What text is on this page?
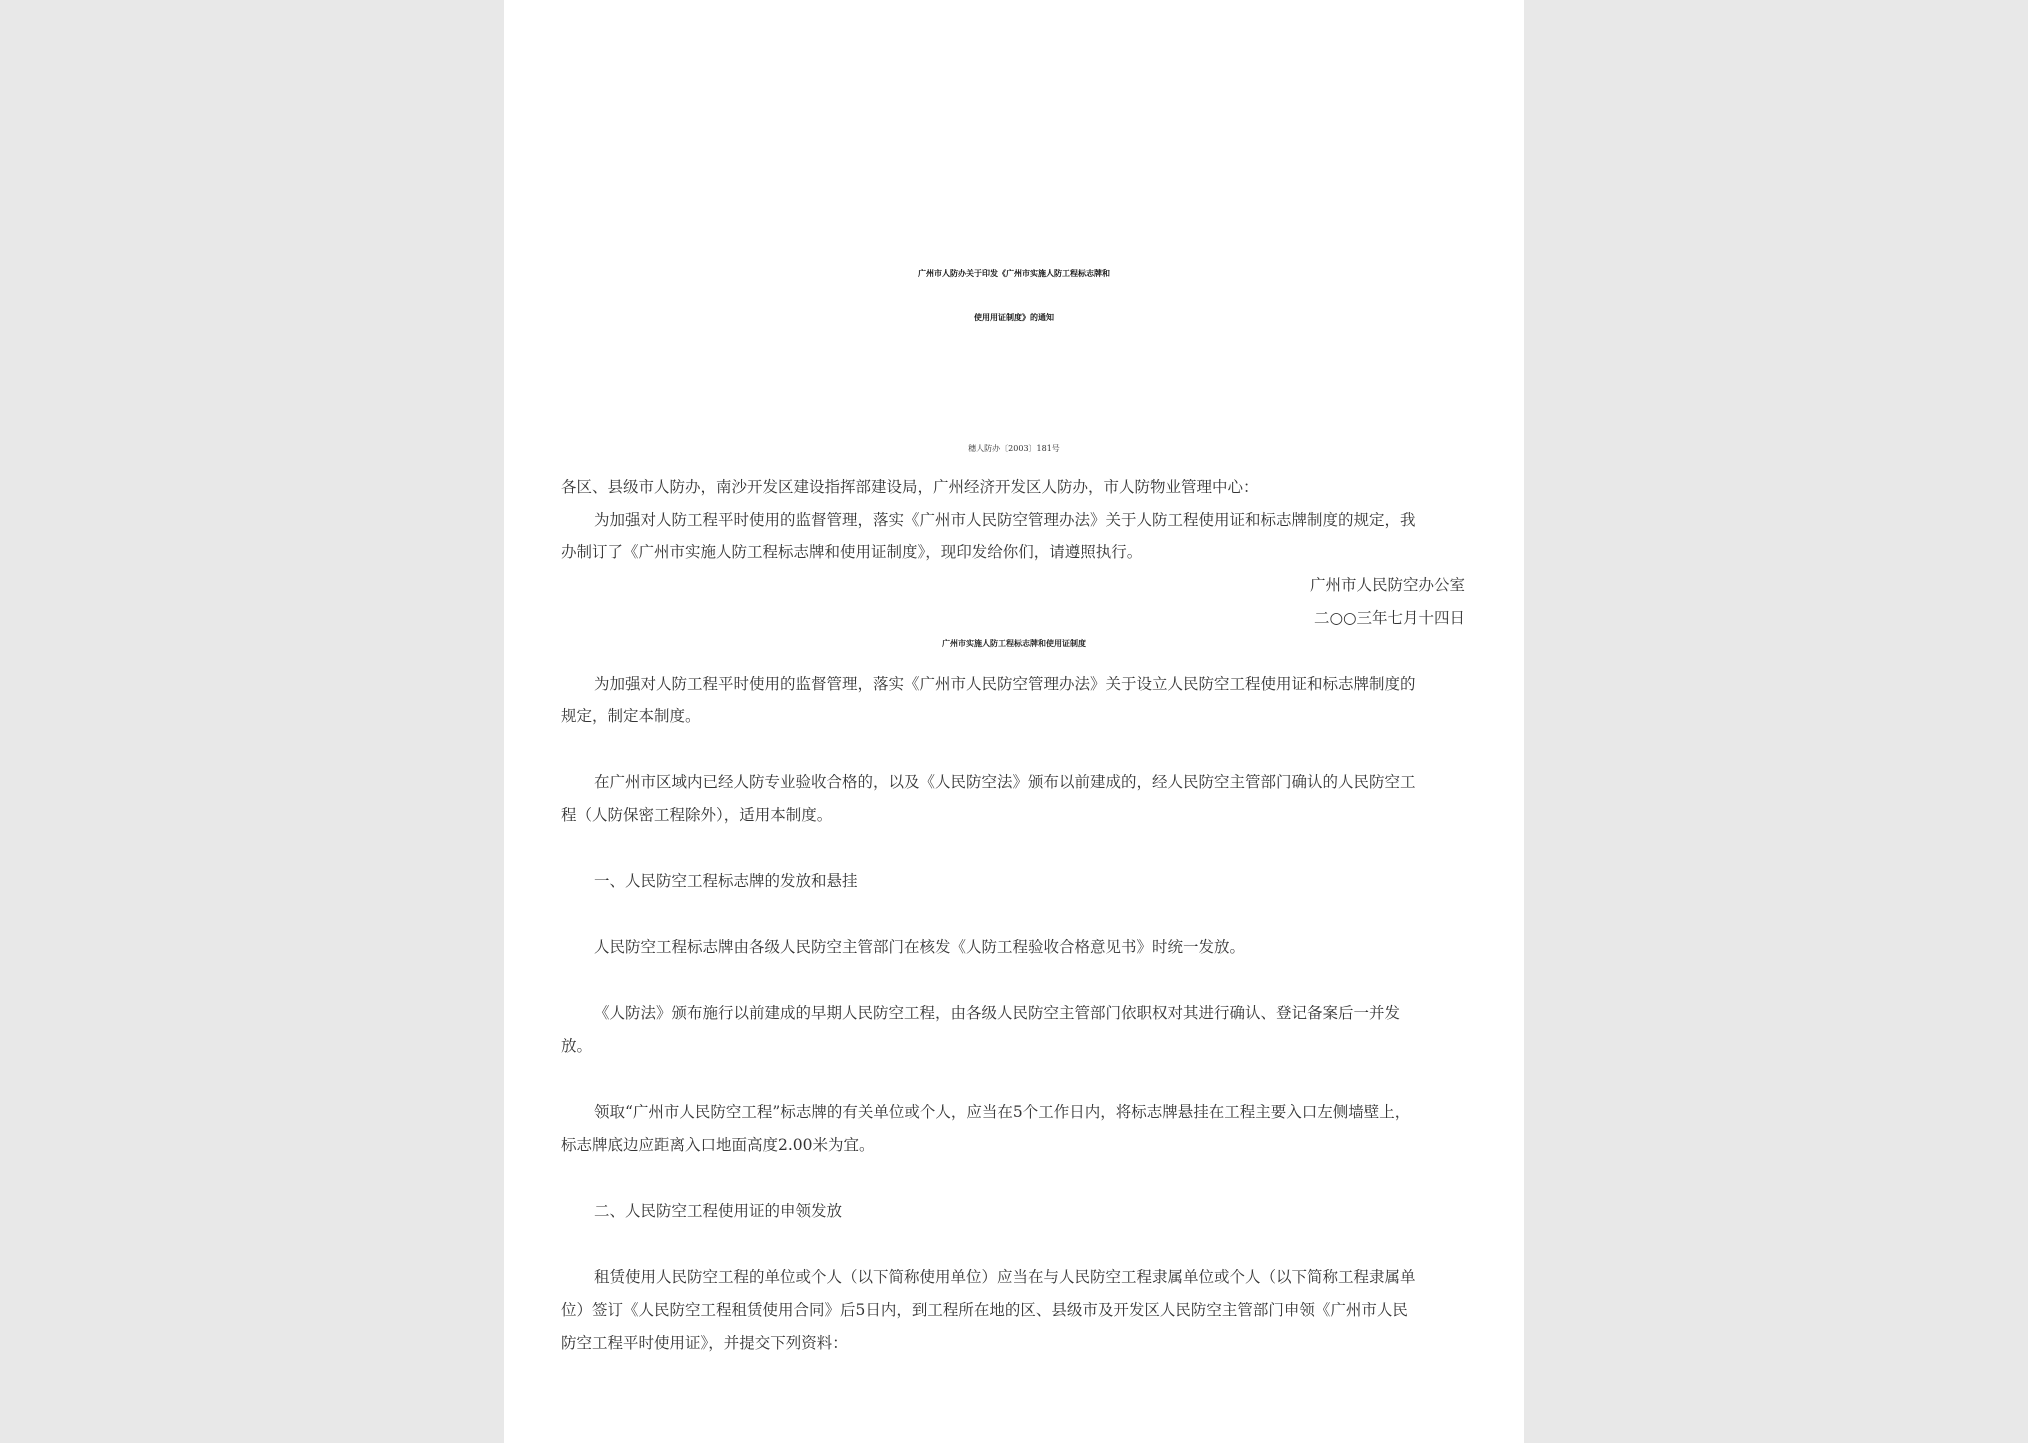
广州市人防办关于印发《广州市实施人防工程标志牌和
使用用证制度》的通知
穗人防办〔2003〕181号
各区、县级市人防办，南沙开发区建设指挥部建设局，广州经济开发区人防办，市人防物业管理中心：
为加强对人防工程平时使用的监督管理，落实《广州市人民防空管理办法》关于人防工程使用证和标志牌制度的规定，我
办制订了《广州市实施人防工程标志牌和使用证制度》，现印发给你们，请遵照执行。
广州市人民防空办公室
二○○三年七月十四日
广州市实施人防工程标志牌和使用证制度
为加强对人防工程平时使用的监督管理，落实《广州市人民防空管理办法》关于设立人民防空工程使用证和标志牌制度的
规定，制定本制度。
在广州市区域内已经人防专业验收合格的，以及《人民防空法》颁布以前建成的，经人民防空主管部门确认的人民防空工
程（人防保密工程除外），适用本制度。
一、人民防空工程标志牌的发放和悬挂
人民防空工程标志牌由各级人民防空主管部门在核发《人防工程验收合格意见书》时统一发放。
《人防法》颁布施行以前建成的早期人民防空工程，由各级人民防空主管部门依职权对其进行确认、登记备案后一并发
放。
领取“广州市人民防空工程”标志牌的有关单位或个人，应当在5个工作日内，将标志牌悬挂在工程主要入口左侧墙壁上，
标志牌底边应距离入口地面高度2.00米为宜。
二、人民防空工程使用证的申领发放
租赁使用人民防空工程的单位或个人（以下简称使用单位）应当在与人民防空工程隶属单位或个人（以下简称工程隶属单
位）签订《人民防空工程租赁使用合同》后5日内，到工程所在地的区、县级市及开发区人民防空主管部门申领《广州市人民
防空工程平时使用证》，并提交下列资料：
